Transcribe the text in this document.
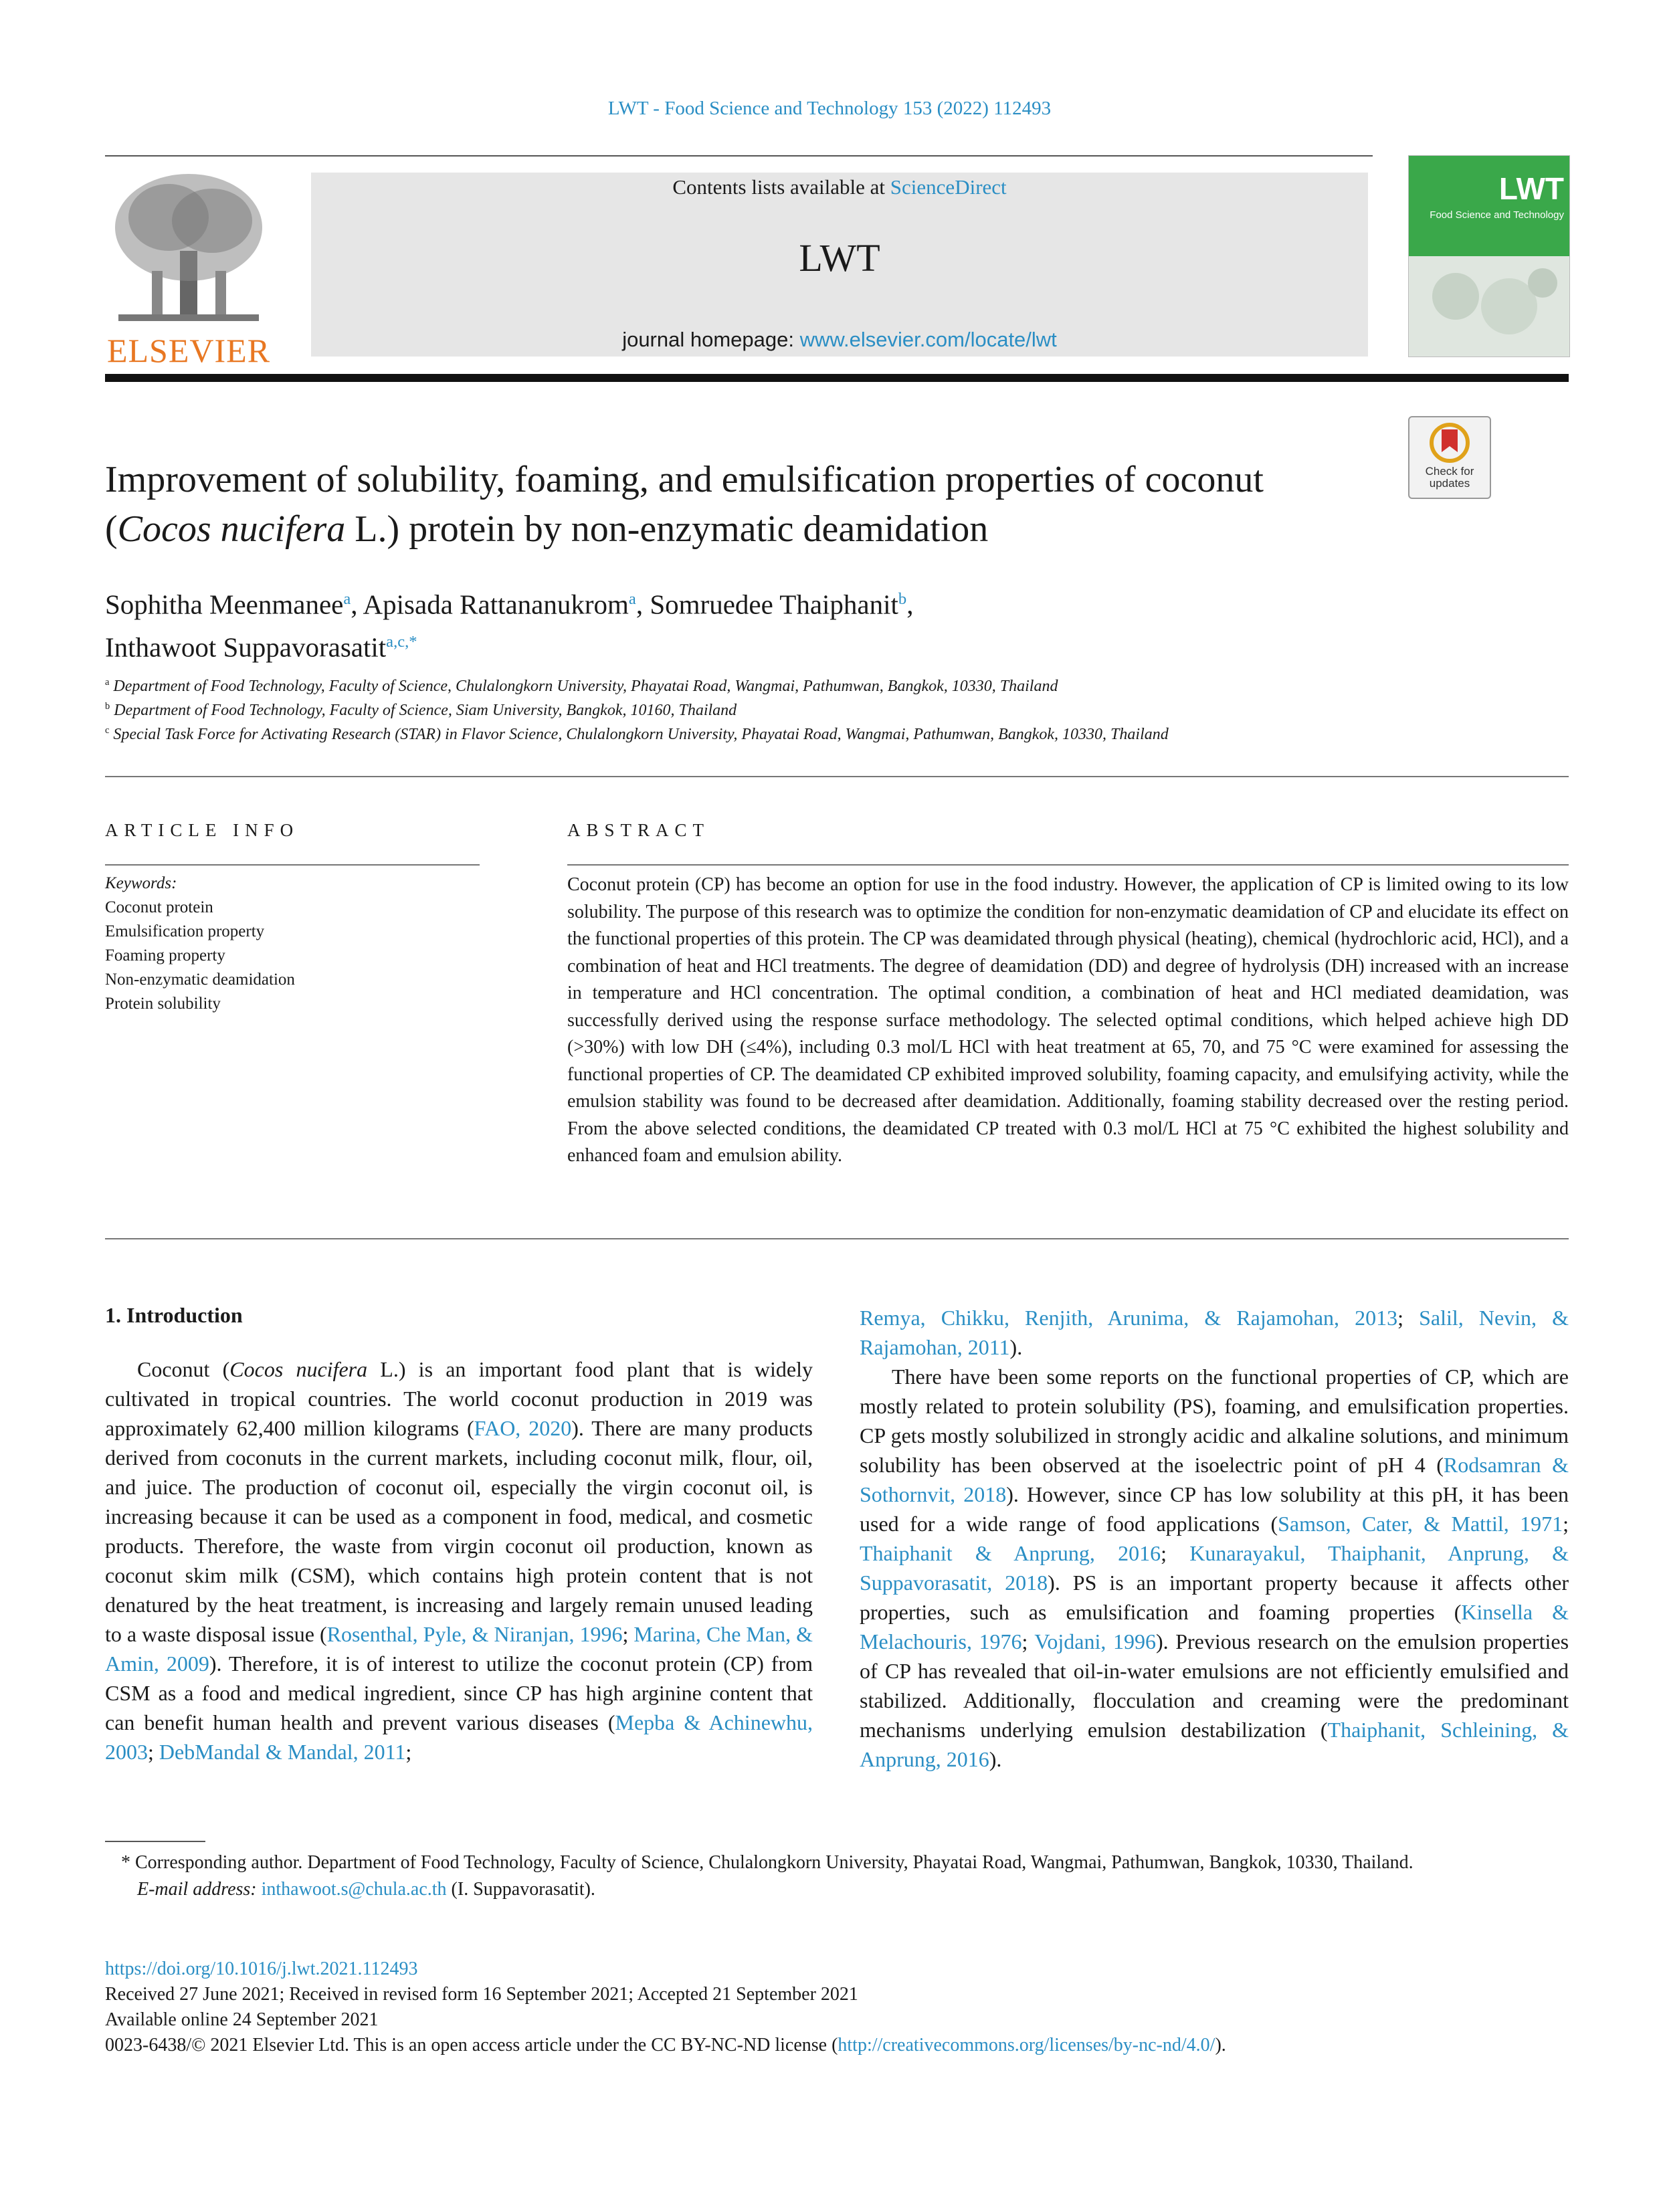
LWT - Food Science and Technology 153 (2022) 112493
ELSEVIER
Contents lists available at ScienceDirect
LWT
journal homepage: www.elsevier.com/locate/lwt
LWT
Food Science and Technology
Check for updates
Improvement of solubility, foaming, and emulsification properties of coconut (Cocos nucifera L.) protein by non-enzymatic deamidation
Sophitha Meenmanee$^a$, Apisada Rattananukrom$^a$, Somruedee Thaiphanit$^b$,
Inthawoot Suppavorasatit$^{a,c,*}$
$^a$ Department of Food Technology, Faculty of Science, Chulalongkorn University, Phayatai Road, Wangmai, Pathumwan, Bangkok, 10330, Thailand
$^b$ Department of Food Technology, Faculty of Science, Siam University, Bangkok, 10160, Thailand
$^c$ Special Task Force for Activating Research (STAR) in Flavor Science, Chulalongkorn University, Phayatai Road, Wangmai, Pathumwan, Bangkok, 10330, Thailand
ARTICLE INFO	ABSTRACT
Keywords:
Coconut protein
Emulsification property
Foaming property
Non-enzymatic deamidation
Protein solubility
Coconut protein (CP) has become an option for use in the food industry. However, the application of CP is limited owing to its low solubility. The purpose of this research was to optimize the condition for non-enzymatic deamidation of CP and elucidate its effect on the functional properties of this protein. The CP was deamidated through physical (heating), chemical (hydrochloric acid, HCl), and a combination of heat and HCl treatments. The degree of deamidation (DD) and degree of hydrolysis (DH) increased with an increase in temperature and HCl concentration. The optimal condition, a combination of heat and HCl mediated deamidation, was successfully derived using the response surface methodology. The selected optimal conditions, which helped achieve high DD (>30%) with low DH (≤4%), including 0.3 mol/L HCl with heat treatment at 65, 70, and 75 °C were examined for assessing the functional properties of CP. The deamidated CP exhibited improved solubility, foaming capacity, and emulsifying activity, while the emulsion stability was found to be decreased after deamidation. Additionally, foaming stability decreased over the resting period. From the above selected conditions, the deamidated CP treated with 0.3 mol/L HCl at 75 °C exhibited the highest solubility and enhanced foam and emulsion ability.
1. Introduction
Coconut (Cocos nucifera L.) is an important food plant that is widely cultivated in tropical countries. The world coconut production in 2019 was approximately 62,400 million kilograms (FAO, 2020). There are many products derived from coconuts in the current markets, including coconut milk, flour, oil, and juice. The production of coconut oil, especially the virgin coconut oil, is increasing because it can be used as a component in food, medical, and cosmetic products. Therefore, the waste from virgin coconut oil production, known as coconut skim milk (CSM), which contains high protein content that is not denatured by the heat treatment, is increasing and largely remain unused leading to a waste disposal issue (Rosenthal, Pyle, & Niranjan, 1996; Marina, Che Man, & Amin, 2009). Therefore, it is of interest to utilize the coconut protein (CP) from CSM as a food and medical ingredient, since CP has high arginine content that can benefit human health and prevent various diseases (Mepba & Achinewhu, 2003; DebMandal & Mandal, 2011;
Remya, Chikku, Renjith, Arunima, & Rajamohan, 2013; Salil, Nevin, & Rajamohan, 2011).
There have been some reports on the functional properties of CP, which are mostly related to protein solubility (PS), foaming, and emulsification properties. CP gets mostly solubilized in strongly acidic and alkaline solutions, and minimum solubility has been observed at the isoelectric point of pH 4 (Rodsamran & Sothornvit, 2018). However, since CP has low solubility at this pH, it has been used for a wide range of food applications (Samson, Cater, & Mattil, 1971; Thaiphanit & Anprung, 2016; Kunarayakul, Thaiphanit, Anprung, & Suppavorasatit, 2018). PS is an important property because it affects other properties, such as emulsification and foaming properties (Kinsella & Melachouris, 1976; Vojdani, 1996). Previous research on the emulsion properties of CP has revealed that oil-in-water emulsions are not efficiently emulsified and stabilized. Additionally, flocculation and creaming were the predominant mechanisms underlying emulsion destabilization (Thaiphanit, Schleining, & Anprung, 2016).
* Corresponding author. Department of Food Technology, Faculty of Science, Chulalongkorn University, Phayatai Road, Wangmai, Pathumwan, Bangkok, 10330, Thailand.
E-mail address: inthawoot.s@chula.ac.th (I. Suppavorasatit).
https://doi.org/10.1016/j.lwt.2021.112493
Received 27 June 2021; Received in revised form 16 September 2021; Accepted 21 September 2021
Available online 24 September 2021
0023-6438/© 2021 Elsevier Ltd. This is an open access article under the CC BY-NC-ND license (http://creativecommons.org/licenses/by-nc-nd/4.0/).
